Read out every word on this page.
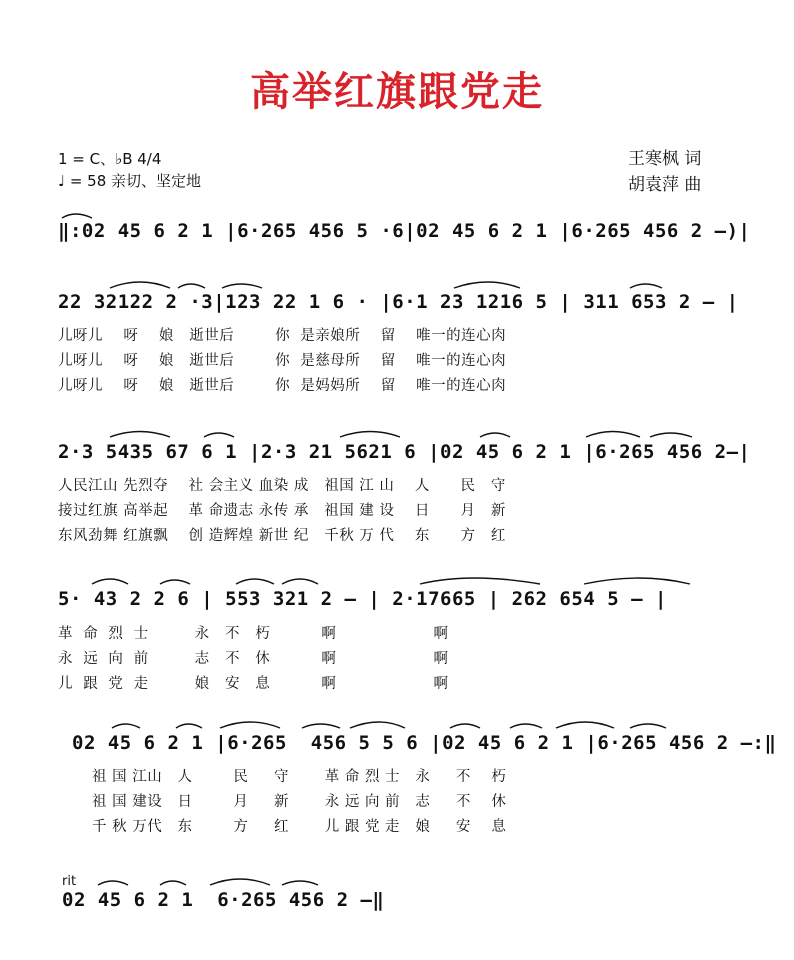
高举红旗跟党走
1 = C、♭B 4/4
♩ = 58 亲切、坚定地
王寒枫 词
胡袁萍 曲
‖:02 45 6 2 1 |6·265 456 5 ·6|02 45 6 2 1 |6·265 456 2 –)|
22 32122 2 ·3|123 22 1 6 · |6·1 23 1216 5 | 311 653 2 – |
儿呀儿    呀    娘   逝世后        你  是亲娘所    留    唯一的连心肉
儿呀儿    呀    娘   逝世后        你  是慈母所    留    唯一的连心肉
儿呀儿    呀    娘   逝世后        你  是妈妈所    留    唯一的连心肉
2·3 5435 67 6 1 |2·3 21 5621 6 |02 45 6 2 1 |6·265 456 2–|
人民江山 先烈夺    社 会主义 血染 成   祖国 江 山    人      民   守
接过红旗 高举起    革 命遗志 永传 承   祖国 建 设    日      月   新
东风劲舞 红旗飘    创 造辉煌 新世 纪   千秋 万 代    东      方   红
5· 43 2 2 6 | 553 321 2 – | 2·17665 | 262 654 5 – |
革  命  烈  士         永   不   朽          啊                   啊
永  远  向  前         志   不   休          啊                   啊
儿  跟  党  走         娘   安   息          啊                   啊
02 45 6 2 1 |6·265  456 5 5 6 |02 45 6 2 1 |6·265 456 2 –:‖
祖 国 江山   人        民     守       革 命 烈 士   永     不    朽
祖 国 建设   日        月     新       永 远 向 前   志     不    休
千 秋 万代   东        方     红       儿 跟 党 走   娘     安    息
rit
02 45 6 2 1  6·265 456 2 –‖
